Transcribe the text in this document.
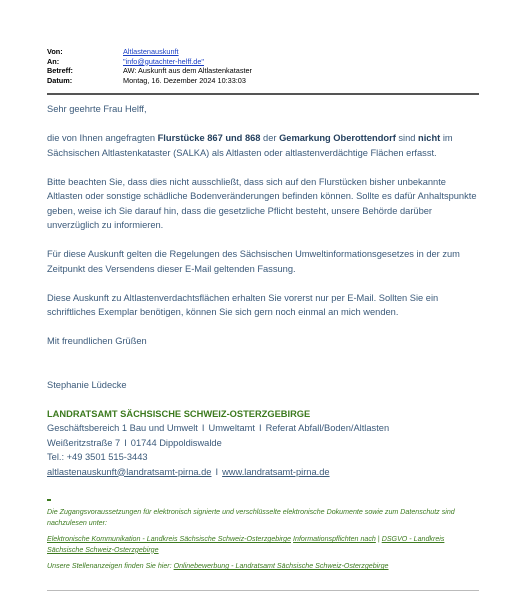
Von:	Altlastenauskunft
An:	"info@gutachter-helff.de"
Betreff:	AW: Auskunft aus dem Altlastenkataster
Datum:	Montag, 16. Dezember 2024 10:33:03

Sehr geehrte Frau Helff,

die von Ihnen angefragten Flurstücke 867 und 868 der Gemarkung Oberottendorf sind nicht im Sächsischen Altlastenkataster (SALKA) als Altlasten oder altlastenverdächtige Flächen erfasst.

Bitte beachten Sie, dass dies nicht ausschließt, dass sich auf den Flurstücken bisher unbekannte Altlasten oder sonstige schädliche Bodenveränderungen befinden können. Sollte es dafür Anhaltspunkte geben, weise ich Sie darauf hin, dass die gesetzliche Pflicht besteht, unsere Behörde darüber unverzüglich zu informieren.

Für diese Auskunft gelten die Regelungen des Sächsischen Umweltinformationsgesetzes in der zum Zeitpunkt des Versendens dieser E-Mail geltenden Fassung.

Diese Auskunft zu Altlastenverdachtsflächen erhalten Sie vorerst nur per E-Mail. Sollten Sie ein schriftliches Exemplar benötigen, können Sie sich gern noch einmal an mich wenden.

Mit freundlichen Grüßen

Stephanie Lüdecke

LANDRATSAMT SÄCHSISCHE SCHWEIZ-OSTERZGEBIRGE

Geschäftsbereich 1 Bau und Umwelt I Umweltamt I Referat Abfall/Boden/Altlasten

Weißeritzstraße 7 I 01744 Dippoldiswalde

Tel.: +49 3501 515-3443

altlastenauskunft@landratsamt-pirna.de I www.landratsamt-pirna.de

Die Zugangsvoraussetzungen für elektronisch signierte und verschlüsselte elektronische Dokumente sowie zum Datenschutz sind nachzulesen unter:

Elektronische Kommunikation - Landkreis Sächsische Schweiz-Osterzgebirge Informationspflichten nach | DSGVO - Landkreis Sächsische Schweiz-Osterzgebirge

Unsere Stellenanzeigen finden Sie hier: Onlinebewerbung - Landratsamt Sächsische Schweiz-Osterzgebirge
